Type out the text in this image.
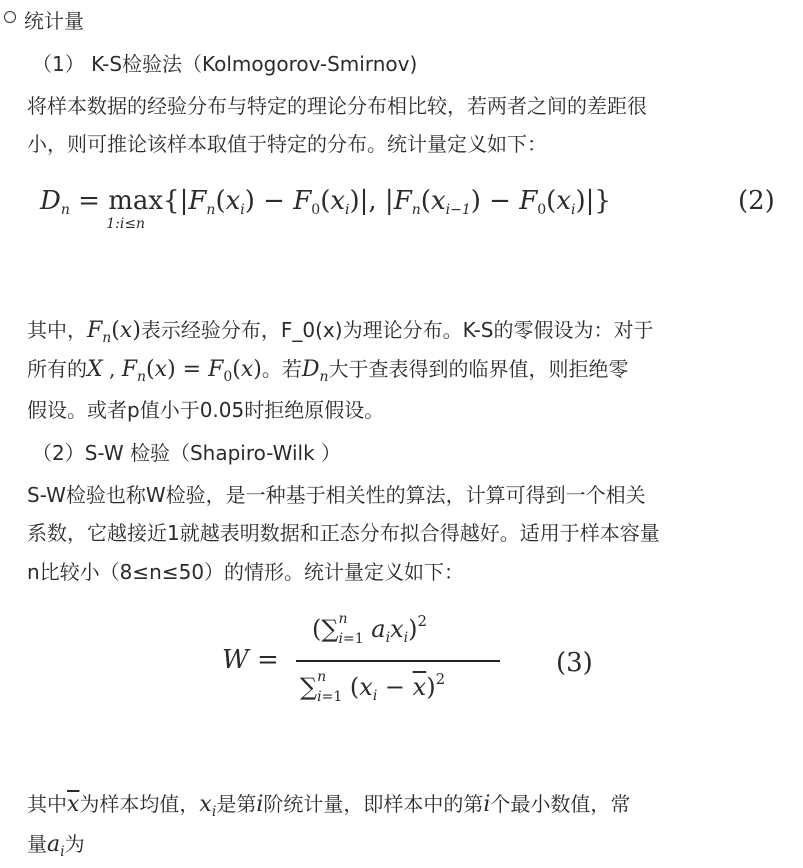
统计量
（1） K-S检验法（Kolmogorov-Smirnov)
将样本数据的经验分布与特定的理论分布相比较，若两者之间的差距很
小，则可推论该样本取值于特定的分布。统计量定义如下：
$D_n = \max$
1:i≤n
{$|F_n(x_i) - F_0(x_i)|$, $|F_n(x_{i-1}) - F_0(x_i)|$}	(2)
其中，$F_n(x)$表示经验分布，F_0(x)为理论分布。K-S的零假设为：对于
所有的X , $F_n(x) = F_0(x)$。若$D_n$大于查表得到的临界值，则拒绝零
假设。或者p值小于0.05时拒绝原假设。
（2）S-W 检验（Shapiro-Wilk ）
S-W检验也称W检验，是一种基于相关性的算法，计算可得到一个相关
系数，它越接近1就越表明数据和正态分布拟合得越好。适用于样本容量
n比较小（8≤n≤50）的情形。统计量定义如下：
W =
(∑ n
i=1 $a_ix_i)^2$
∑ n
i=1 $(x_i - \overline{x})^2$
(3)
其中$\overline{x}$为样本均值，$x_i$是第i阶统计量，即样本中的第i个最小数值，常
量$a_i$为
